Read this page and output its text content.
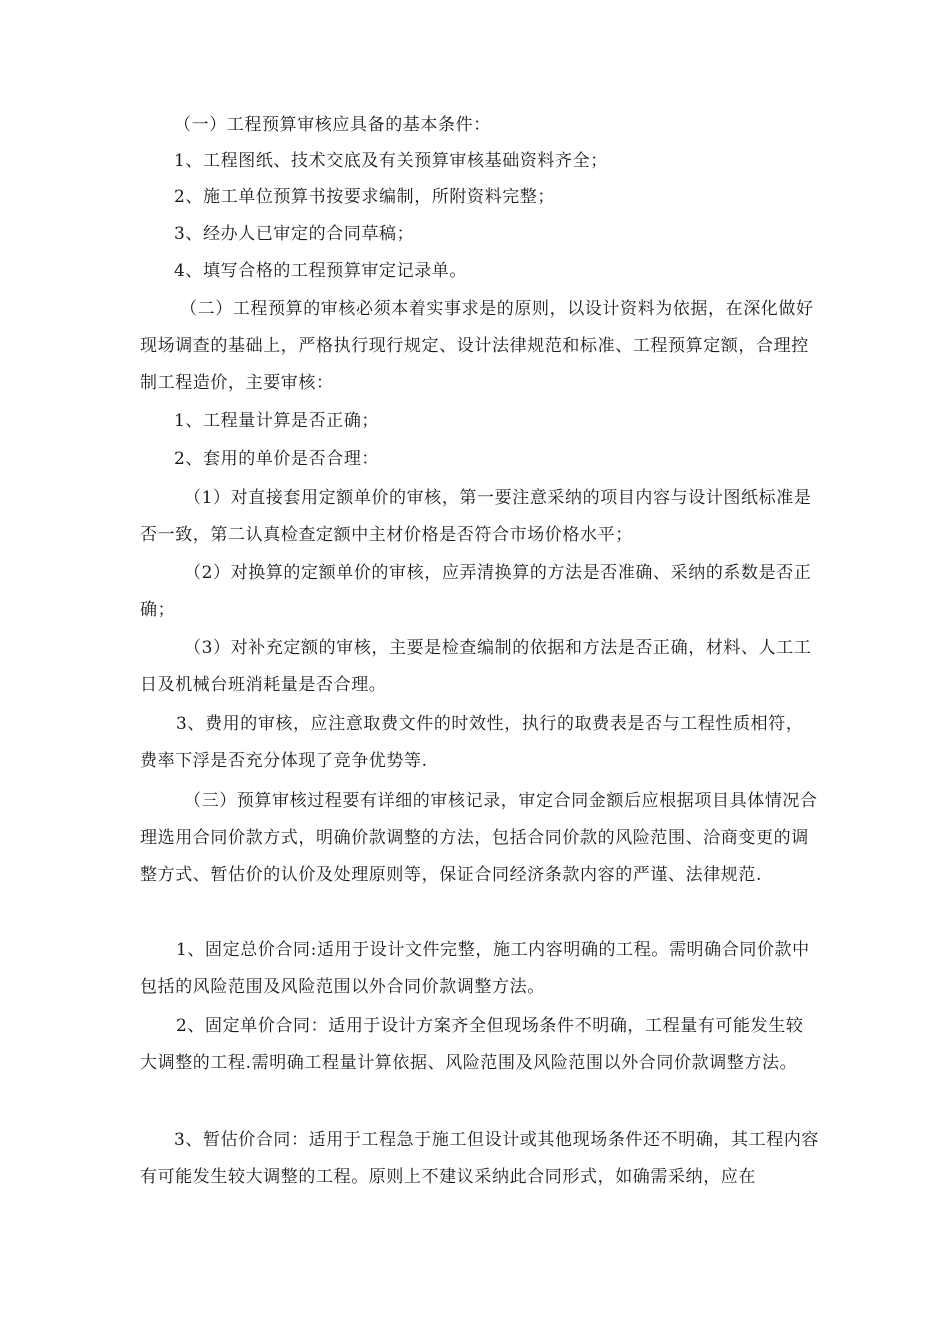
（一）工程预算审核应具备的基本条件：

1、工程图纸、技术交底及有关预算审核基础资料齐全；

2、施工单位预算书按要求编制，所附资料完整；

3、经办人已审定的合同草稿；

4、填写合格的工程预算审定记录单。

（二）工程预算的审核必须本着实事求是的原则，以设计资料为依据，在深化做好现场调查的基础上，严格执行现行规定、设计法律规范和标准、工程预算定额，合理控制工程造价，主要审核：

1、工程量计算是否正确；

2、套用的单价是否合理：

（1）对直接套用定额单价的审核，第一要注意采纳的项目内容与设计图纸标准是否一致，第二认真检查定额中主材价格是否符合市场价格水平；

（2）对换算的定额单价的审核，应弄清换算的方法是否准确、采纳的系数是否正确；

（3）对补充定额的审核，主要是检查编制的依据和方法是否正确，材料、人工工日及机械台班消耗量是否合理。

3、费用的审核，应注意取费文件的时效性，执行的取费表是否与工程性质相符，费率下浮是否充分体现了竞争优势等.

（三）预算审核过程要有详细的审核记录，审定合同金额后应根据项目具体情况合理选用合同价款方式，明确价款调整的方法，包括合同价款的风险范围、洽商变更的调整方式、暂估价的认价及处理原则等，保证合同经济条款内容的严谨、法律规范.

1、固定总价合同:适用于设计文件完整，施工内容明确的工程。需明确合同价款中包括的风险范围及风险范围以外合同价款调整方法。

2、固定单价合同：适用于设计方案齐全但现场条件不明确，工程量有可能发生较大调整的工程.需明确工程量计算依据、风险范围及风险范围以外合同价款调整方法。

3、暂估价合同：适用于工程急于施工但设计或其他现场条件还不明确，其工程内容有可能发生较大调整的工程。原则上不建议采纳此合同形式，如确需采纳，应在
